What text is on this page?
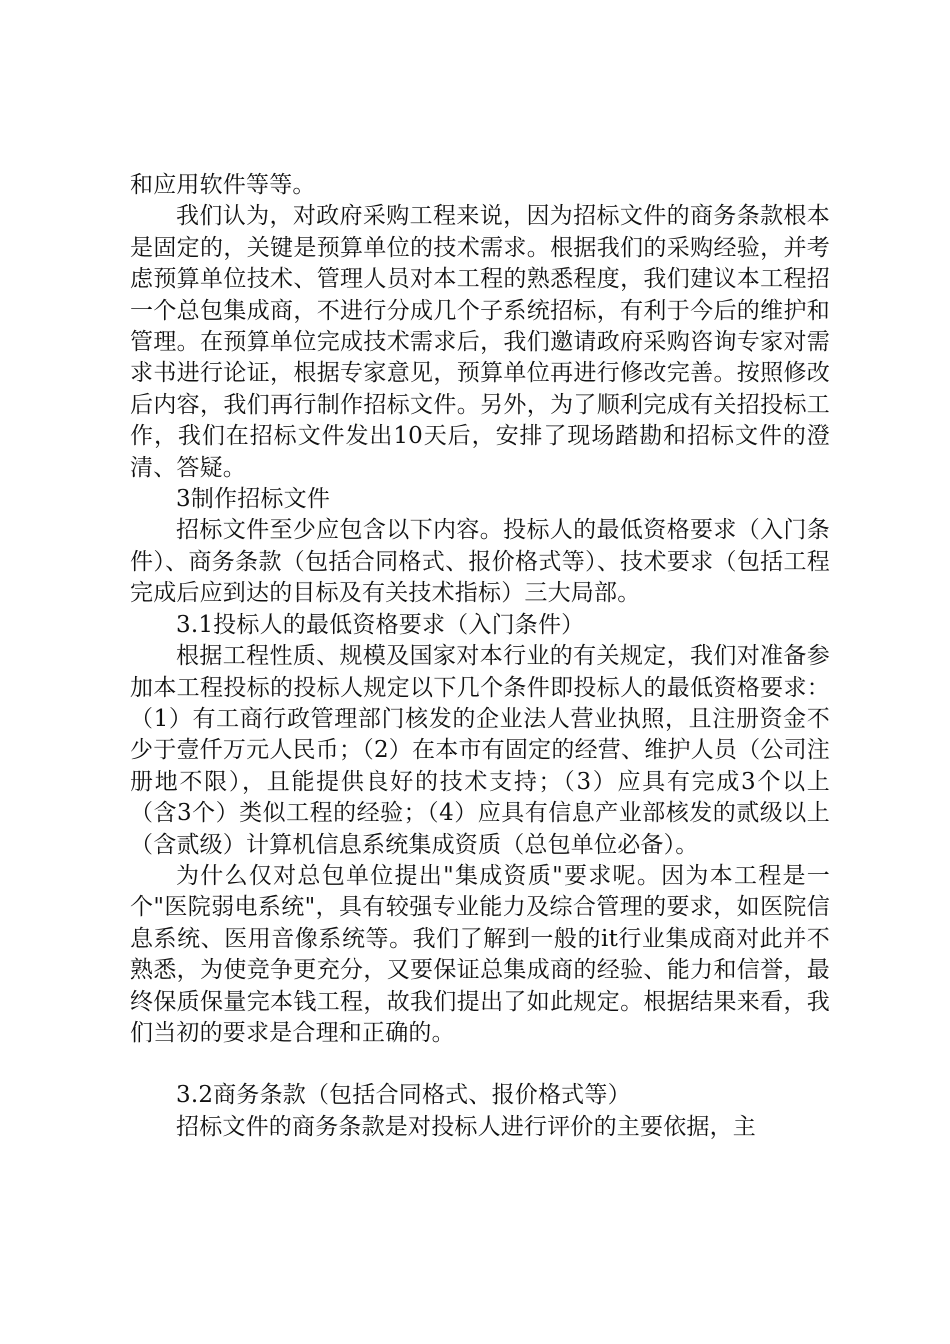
和应用软件等等。

我们认为，对政府采购工程来说，因为招标文件的商务条款根本是固定的，关键是预算单位的技术需求。根据我们的采购经验，并考虑预算单位技术、管理人员对本工程的熟悉程度，我们建议本工程招一个总包集成商，不进行分成几个子系统招标，有利于今后的维护和管理。在预算单位完成技术需求后，我们邀请政府采购咨询专家对需求书进行论证，根据专家意见，预算单位再进行修改完善。按照修改后内容，我们再行制作招标文件。另外，为了顺利完成有关招投标工作，我们在招标文件发出10天后，安排了现场踏勘和招标文件的澄清、答疑。

3制作招标文件

招标文件至少应包含以下内容。投标人的最低资格要求（入门条件）、商务条款（包括合同格式、报价格式等）、技术要求（包括工程完成后应到达的目标及有关技术指标）三大局部。

3.1投标人的最低资格要求（入门条件）

根据工程性质、规模及国家对本行业的有关规定，我们对准备参加本工程投标的投标人规定以下几个条件即投标人的最低资格要求：（1）有工商行政管理部门核发的企业法人营业执照，且注册资金不少于壹仟万元人民币；（2）在本市有固定的经营、维护人员（公司注册地不限），且能提供良好的技术支持；（3）应具有完成3个以上（含3个）类似工程的经验；（4）应具有信息产业部核发的贰级以上（含贰级）计算机信息系统集成资质（总包单位必备）。

为什么仅对总包单位提出"集成资质"要求呢。因为本工程是一个"医院弱电系统"，具有较强专业能力及综合管理的要求，如医院信息系统、医用音像系统等。我们了解到一般的it行业集成商对此并不熟悉，为使竞争更充分，又要保证总集成商的经验、能力和信誉，最终保质保量完本钱工程，故我们提出了如此规定。根据结果来看，我们当初的要求是合理和正确的。

3.2商务条款（包括合同格式、报价格式等）

招标文件的商务条款是对投标人进行评价的主要依据，主
